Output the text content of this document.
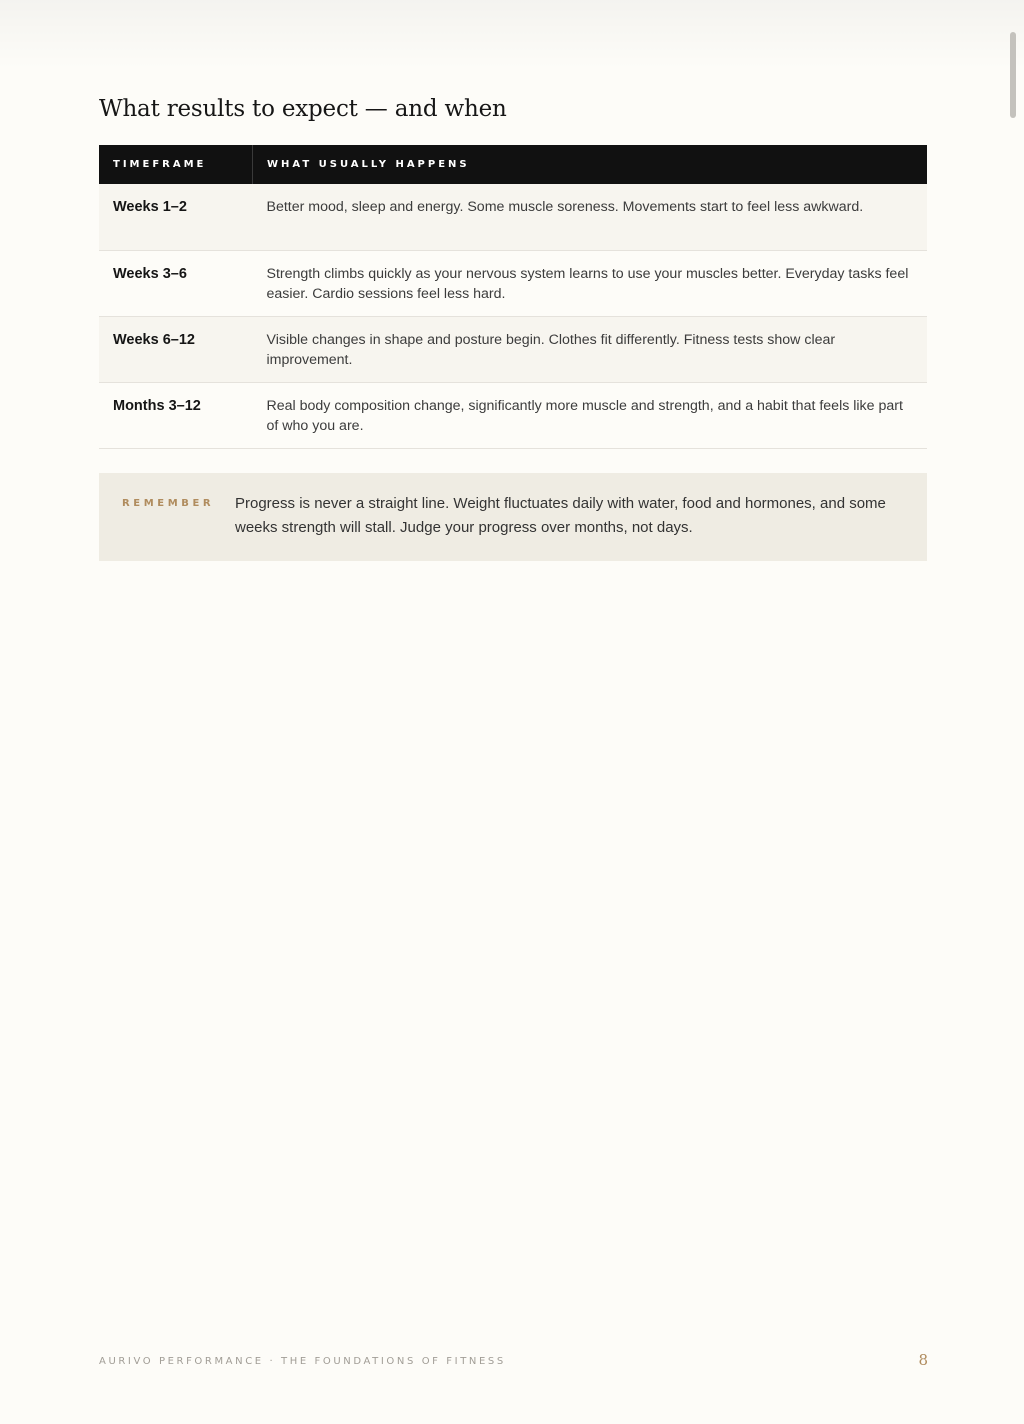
What results to expect — and when
TIMEFRAME	WHAT USUALLY HAPPENS
Weeks 1–2	Better mood, sleep and energy. Some muscle soreness. Movements start to feel less awkward.
Weeks 3–6	Strength climbs quickly as your nervous system learns to use your muscles better. Everyday tasks feel easier. Cardio sessions feel less hard.
Weeks 6–12	Visible changes in shape and posture begin. Clothes fit differently. Fitness tests show clear improvement.
Months 3–12	Real body composition change, significantly more muscle and strength, and a habit that feels like part of who you are.
REMEMBER Progress is never a straight line. Weight fluctuates daily with water, food and hormones, and some weeks strength will stall. Judge your progress over months, not days.

AURIVO PERFORMANCE · THE FOUNDATIONS OF FITNESS	8
